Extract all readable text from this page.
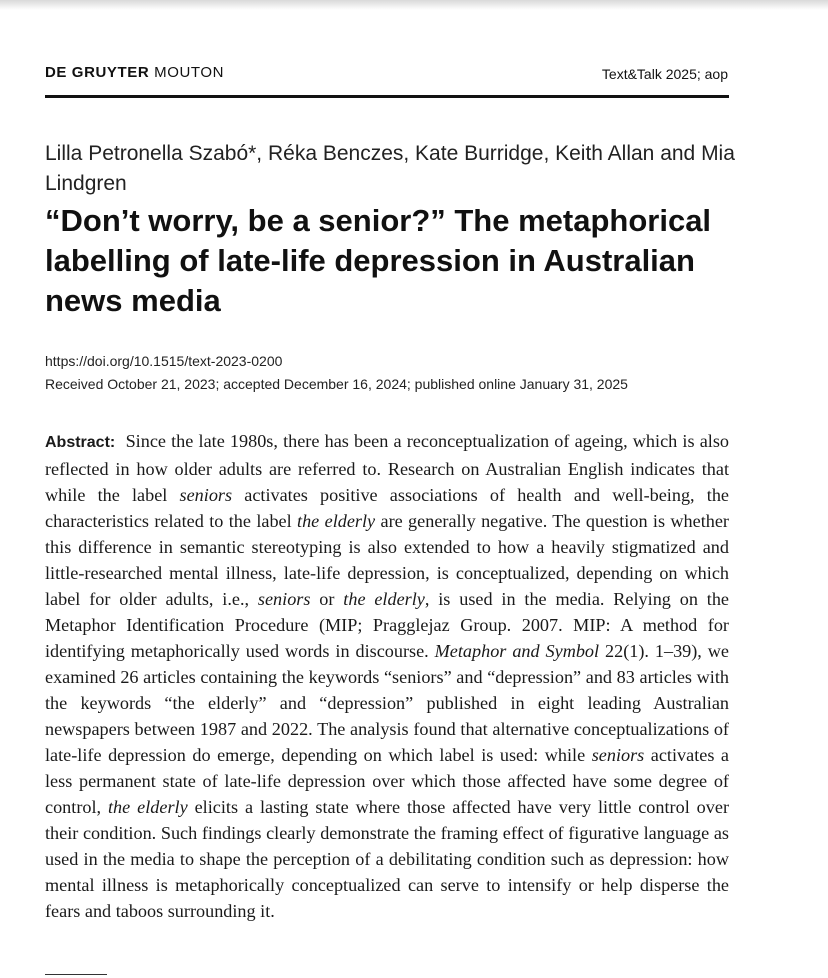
DE GRUYTER MOUTON	Text&Talk 2025; aop
Lilla Petronella Szabó*, Réka Benczes, Kate Burridge, Keith Allan and Mia Lindgren
“Don’t worry, be a senior?” The metaphorical labelling of late-life depression in Australian news media
https://doi.org/10.1515/text-2023-0200
Received October 21, 2023; accepted December 16, 2024; published online January 31, 2025
Abstract: Since the late 1980s, there has been a reconceptualization of ageing, which is also reflected in how older adults are referred to. Research on Australian English indicates that while the label seniors activates positive associations of health and well-being, the characteristics related to the label the elderly are generally negative. The question is whether this difference in semantic stereotyping is also extended to how a heavily stigmatized and little-researched mental illness, late-life depression, is conceptualized, depending on which label for older adults, i.e., seniors or the elderly, is used in the media. Relying on the Metaphor Identification Procedure (MIP; Pragglejaz Group. 2007. MIP: A method for identifying metaphorically used words in discourse. Metaphor and Symbol 22(1). 1–39), we examined 26 articles containing the keywords “seniors” and “depression” and 83 articles with the keywords “the elderly” and “depression” published in eight leading Australian newspapers between 1987 and 2022. The analysis found that alternative conceptualizations of late-life depression do emerge, depending on which label is used: while seniors activates a less permanent state of late-life depression over which those affected have some degree of control, the elderly elicits a lasting state where those affected have very little control over their condition. Such findings clearly demonstrate the framing effect of figurative language as used in the media to shape the perception of a debilitating condition such as depression: how mental illness is metaphorically conceptualized can serve to intensify or help disperse the fears and taboos surrounding it.
